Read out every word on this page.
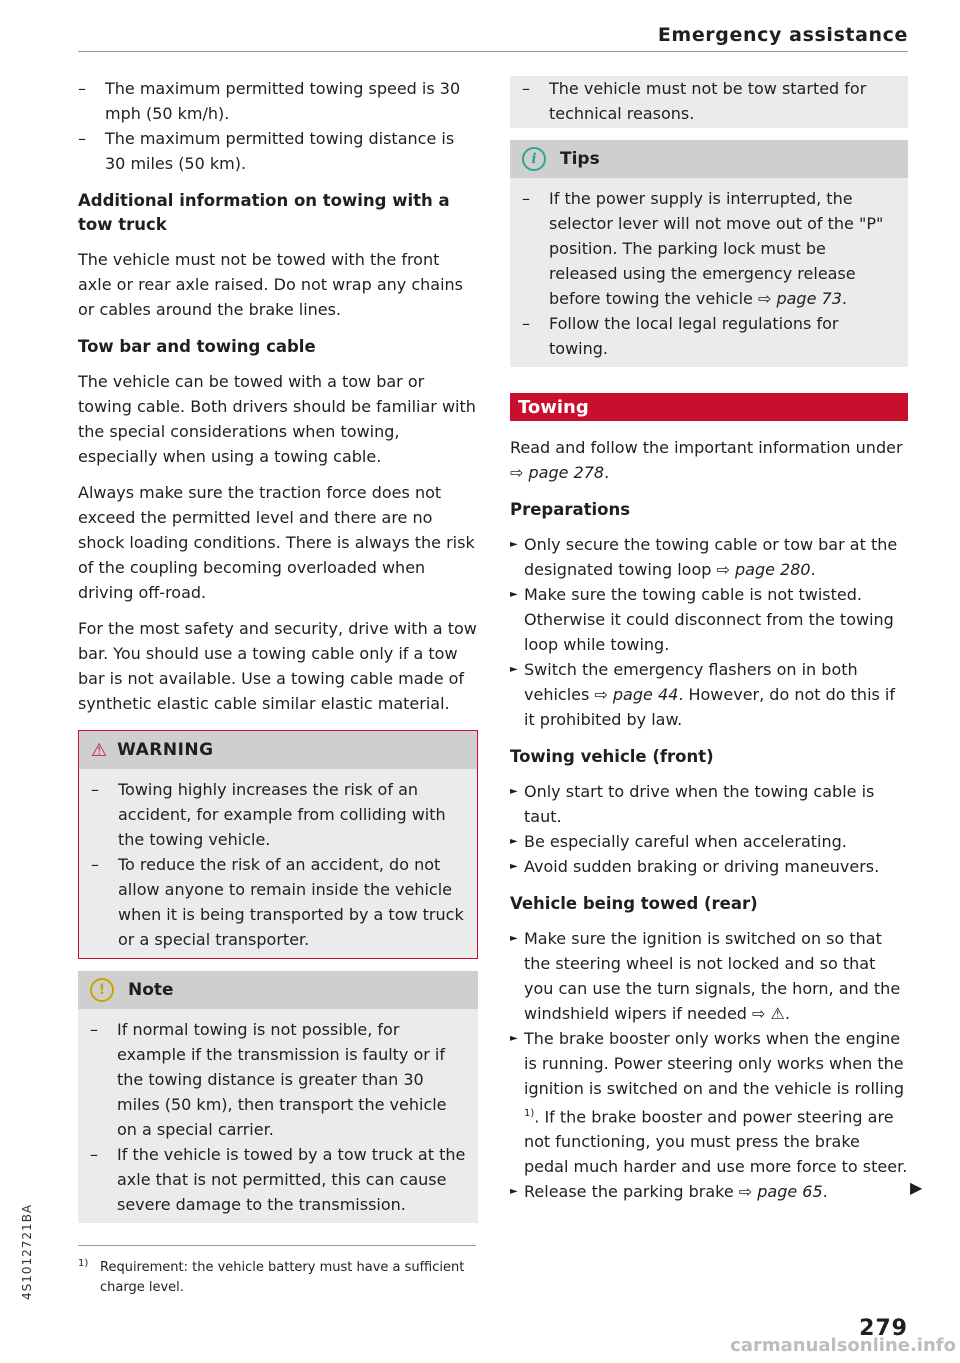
Emergency assistance

– The maximum permitted towing speed is 30 mph (50 km/h).

– The maximum permitted towing distance is 30 miles (50 km).

Additional information on towing with a tow truck

The vehicle must not be towed with the front axle or rear axle raised. Do not wrap any chains or cables around the brake lines.

Tow bar and towing cable

The vehicle can be towed with a tow bar or towing cable. Both drivers should be familiar with the special considerations when towing, especially when using a towing cable.

Always make sure the traction force does not exceed the permitted level and there are no shock loading conditions. There is always the risk of the coupling becoming overloaded when driving off-road.

For the most safety and security, drive with a tow bar. You should use a towing cable only if a tow bar is not available. Use a towing cable made of synthetic elastic cable similar elastic material.

⚠ WARNING

– Towing highly increases the risk of an accident, for example from colliding with the towing vehicle.

– To reduce the risk of an accident, do not allow anyone to remain inside the vehicle when it is being transported by a tow truck or a special transporter.

!	Note

– If normal towing is not possible, for example if the transmission is faulty or if the towing distance is greater than 30 miles (50 km), then transport the vehicle on a special carrier.

– If the vehicle is towed by a tow truck at the axle that is not permitted, this can cause severe damage to the transmission.

1) Requirement: the vehicle battery must have a sufficient charge level.

– The vehicle must not be tow started for technical reasons.

i	Tips

– If the power supply is interrupted, the selector lever will not move out of the "P" position. The parking lock must be released using the emergency release before towing the vehicle ⇨ page 73.

– Follow the local legal regulations for towing.

Towing

Read and follow the important information under ⇨ page 278.

Preparations

► Only secure the towing cable or tow bar at the designated towing loop ⇨ page 280.

► Make sure the towing cable is not twisted. Otherwise it could disconnect from the towing loop while towing.

► Switch the emergency flashers on in both vehicles ⇨ page 44. However, do not do this if it prohibited by law.

Towing vehicle (front)

► Only start to drive when the towing cable is taut.

► Be especially careful when accelerating.

► Avoid sudden braking or driving maneuvers.

Vehicle being towed (rear)

► Make sure the ignition is switched on so that the steering wheel is not locked and so that you can use the turn signals, the horn, and the windshield wipers if needed ⇨ ⚠.

► The brake booster only works when the engine is running. Power steering only works when the ignition is switched on and the vehicle is rolling $^{1)}$. If the brake booster and power steering are not functioning, you must press the brake pedal much harder and use more force to steer.

► Release the parking brake ⇨ page 65.	▶
279
4S1012721BA
carmanualsonline.info
